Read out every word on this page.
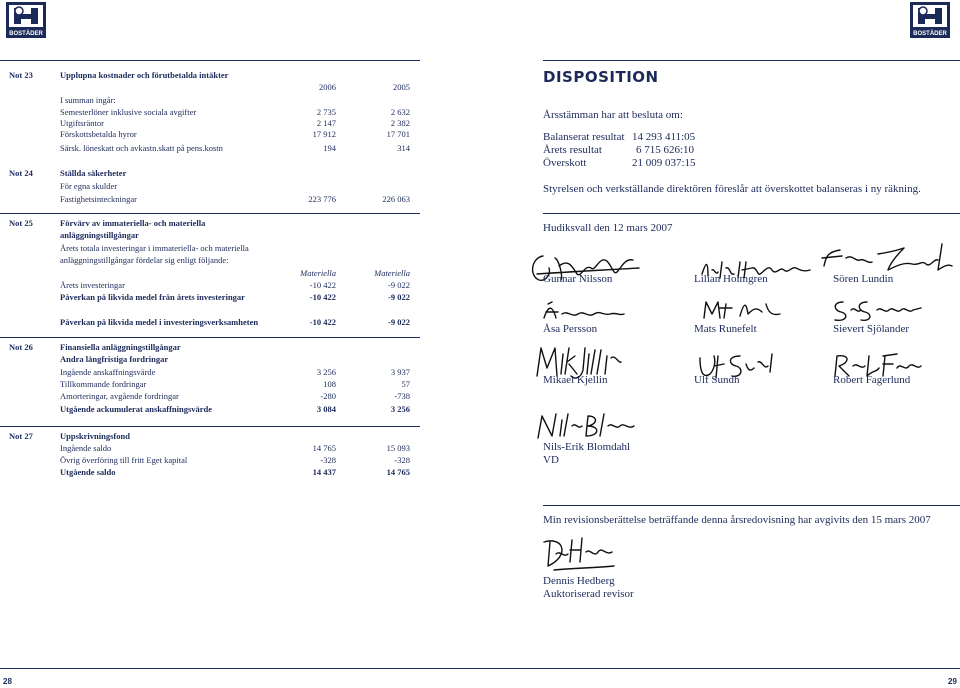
BOSTÄDER	BOSTÄDER
Not 23	Upplupna kostnader och förutbetalda intäkter
2006	2005
I summan ingår:
Semesterlöner inklusive sociala avgifter	2 735	2 632
Utgiftsräntor	2 147	2 382
Förskottsbetalda hyror	17 912	17 701
Särsk. löneskatt och avkastn.skatt på pens.kostn	194	314
Not 24	Ställda säkerheter
För egna skulder
Fastighetsinteckningar	223 776	226 063
Not 25	Förvärv av immateriella- och materiella
anläggningstillgångar
Årets totala investeringar i immateriella- och materiella
anläggningstillgångar fördelar sig enligt följande:
Materiella	Materiella
Årets investeringar	-10 422	-9 022
Påverkan på likvida medel från årets investeringar	-10 422	-9 022
Påverkan på likvida medel i investeringsverksamheten	-10 422	-9 022
Not 26	Finansiella anläggningstillgångar
Andra långfristiga fordringar
Ingående anskaffningsvärde	3 256	3 937
Tillkommande fordringar	108	57
Amorteringar, avgående fordringar	-280	-738
Utgående ackumulerat anskaffningsvärde	3 084	3 256
Not 27	Uppskrivningsfond
Ingående saldo	14 765	15 093
Övrig överföring till fritt Eget kapital	-328	-328
Utgående saldo	14 437	14 765
DISPOSITION
Årsstämman har att besluta om:
Balanserat resultat 14 293 411:05
Årets resultat	6 715 626:10
Överskott	21 009 037:15
Styrelsen och verkställande direktören föreslår att överskottet balanseras i ny räkning.
Hudiksvall den 12 mars 2007
Gunnar Nilsson	Lilian Holmgren	Sören Lundin
Åsa Persson	Mats Runefelt	Sievert Sjölander
Mikael Kjellin	Ulf Sundh	Robert Fagerlund
Nils-Erik Blomdahl
VD
Min revisionsberättelse beträffande denna årsredovisning har avgivits den 15 mars 2007
Dennis Hedberg
Auktoriserad revisor
28	29
